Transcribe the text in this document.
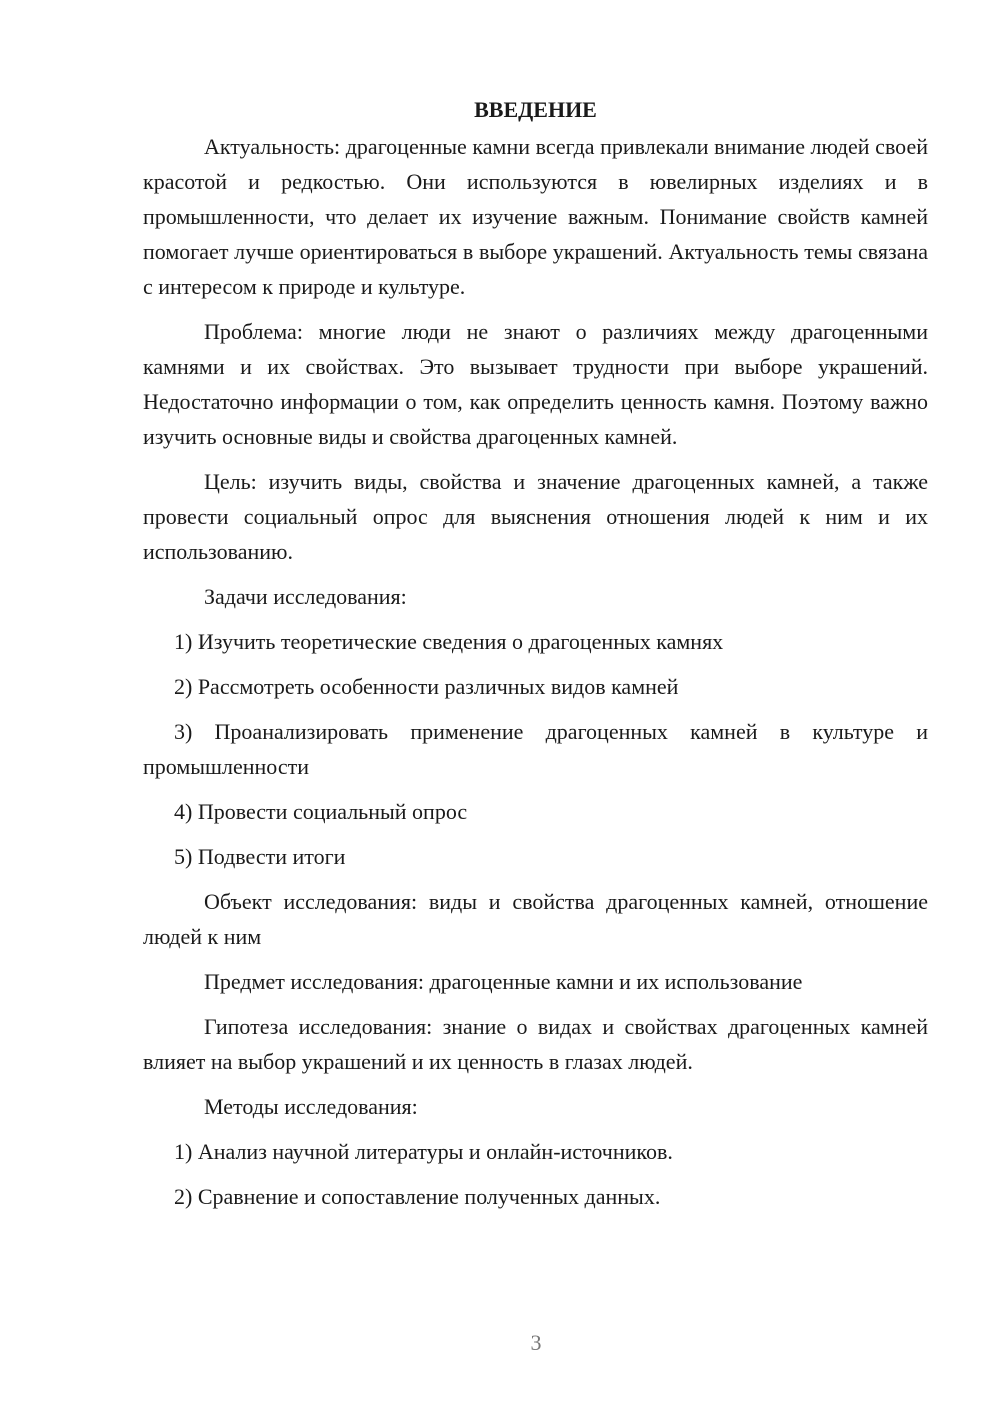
ВВЕДЕНИЕ

Актуальность: драгоценные камни всегда привлекали внимание людей своей красотой и редкостью. Они используются в ювелирных изделиях и в промышленности, что делает их изучение важным. Понимание свойств камней помогает лучше ориентироваться в выборе украшений. Актуальность темы связана с интересом к природе и культуре.

Проблема: многие люди не знают о различиях между драгоценными камнями и их свойствах. Это вызывает трудности при выборе украшений. Недостаточно информации о том, как определить ценность камня. Поэтому важно изучить основные виды и свойства драгоценных камней.

Цель: изучить виды, свойства и значение драгоценных камней, а также провести социальный опрос для выяснения отношения людей к ним и их использованию.

Задачи исследования:

1) Изучить теоретические сведения о драгоценных камнях

2) Рассмотреть особенности различных видов камней

3) Проанализировать применение драгоценных камней в культуре и промышленности

4) Провести социальный опрос

5) Подвести итоги

Объект исследования: виды и свойства драгоценных камней, отношение людей к ним

Предмет исследования: драгоценные камни и их использование

Гипотеза исследования: знание о видах и свойствах драгоценных камней влияет на выбор украшений и их ценность в глазах людей.

Методы исследования:

1) Анализ научной литературы и онлайн-источников.

2) Сравнение и сопоставление полученных данных.

3
